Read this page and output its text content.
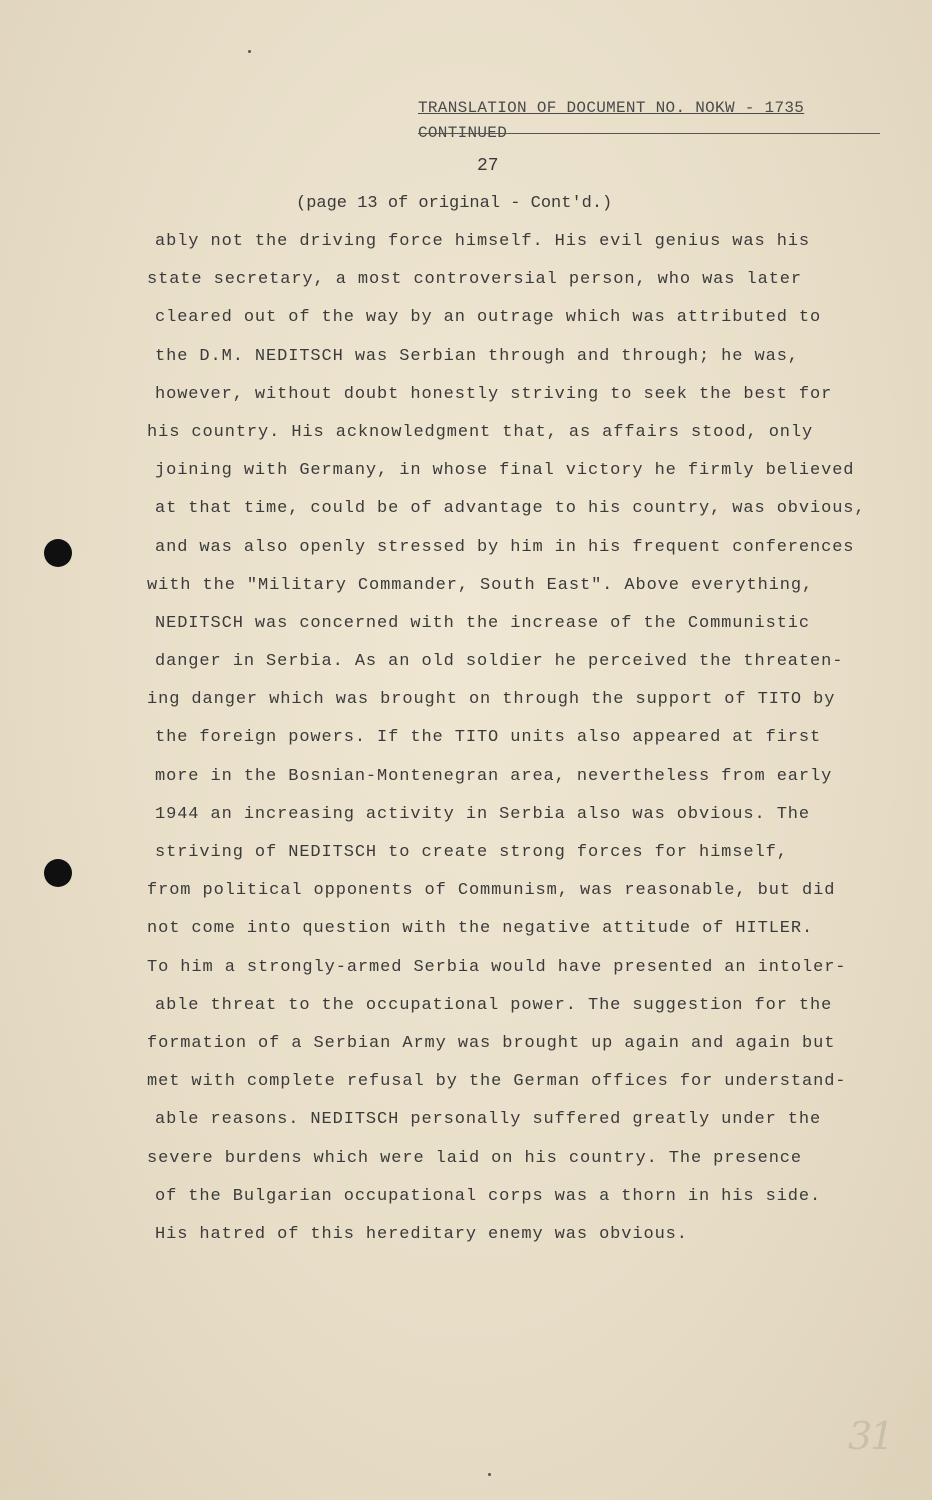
TRANSLATION OF DOCUMENT NO. NOKW - 1735
CONTINUED
27
(page 13 of original - Cont'd.)
ably not the driving force himself. His evil genius was his
state secretary, a most controversial person, who was later
cleared out of the way by an outrage which was attributed to
the D.M. NEDITSCH was Serbian through and through; he was,
however, without doubt honestly striving to seek the best for
his country. His acknowledgment that, as affairs stood, only
joining with Germany, in whose final victory he firmly believed
at that time, could be of advantage to his country, was obvious,
and was also openly stressed by him in his frequent conferences
with the "Military Commander, South East". Above everything,
NEDITSCH was concerned with the increase of the Communistic
danger in Serbia. As an old soldier he perceived the threaten-
ing danger which was brought on through the support of TITO by
the foreign powers. If the TITO units also appeared at first
more in the Bosnian-Montenegran area, nevertheless from early
1944 an increasing activity in Serbia also was obvious. The
striving of NEDITSCH to create strong forces for himself,
from political opponents of Communism, was reasonable, but did
not come into question with the negative attitude of HITLER.
To him a strongly-armed Serbia would have presented an intoler-
able threat to the occupational power. The suggestion for the
formation of a Serbian Army was brought up again and again but
met with complete refusal by the German offices for understand-
able reasons. NEDITSCH personally suffered greatly under the
severe burdens which were laid on his country. The presence
of the Bulgarian occupational corps was a thorn in his side.
His hatred of this hereditary enemy was obvious.
31
